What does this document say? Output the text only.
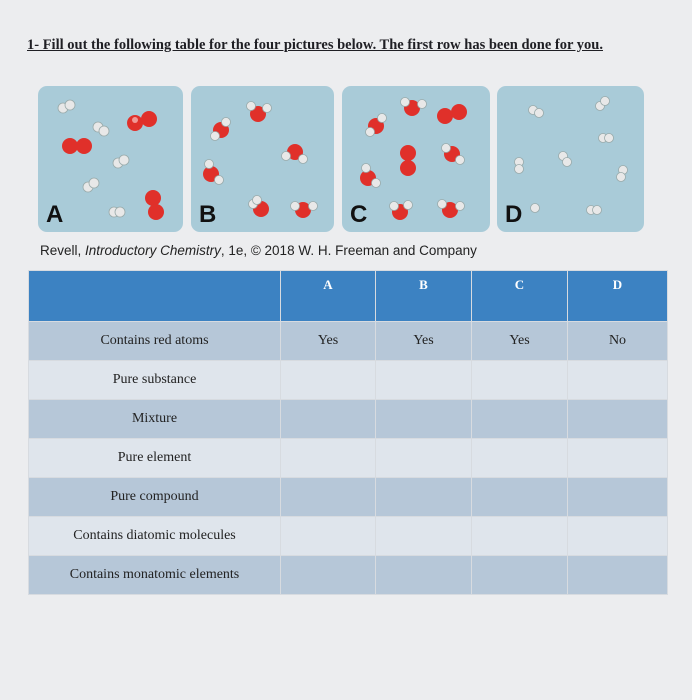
1- Fill out the following table for the four pictures below. The first row has been done for you.
A	B	C	D
Revell, Introductory Chemistry, 1e, © 2018 W. H. Freeman and Company
	A	B	C	D
Contains red atoms	Yes	Yes	Yes	No
Pure substance				
Mixture				
Pure element				
Pure compound				
Contains diatomic molecules				
Contains monatomic elements				
